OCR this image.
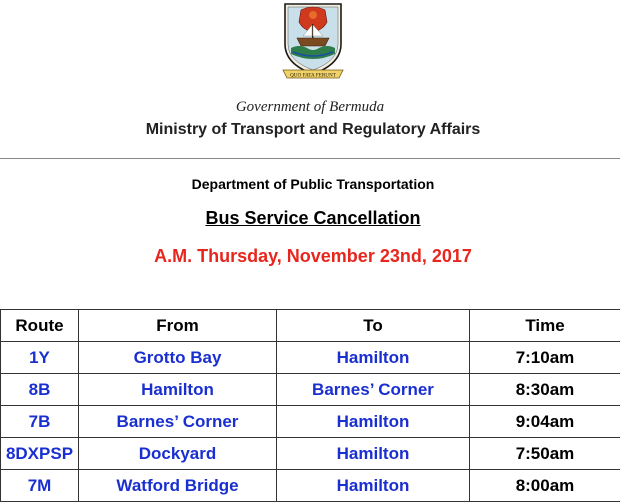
QUO FATA FERUNT
Government of Bermuda
Ministry of Transport and Regulatory Affairs
Department of Public Transportation
Bus Service Cancellation
A.M. Thursday, November 23nd, 2017
Route	From	To	Time
1Y	Grotto Bay	Hamilton	7:10am
8B	Hamilton	Barnes’ Corner	8:30am
7B	Barnes’ Corner	Hamilton	9:04am
8DXPSP	Dockyard	Hamilton	7:50am
7M	Watford Bridge	Hamilton	8:00am
